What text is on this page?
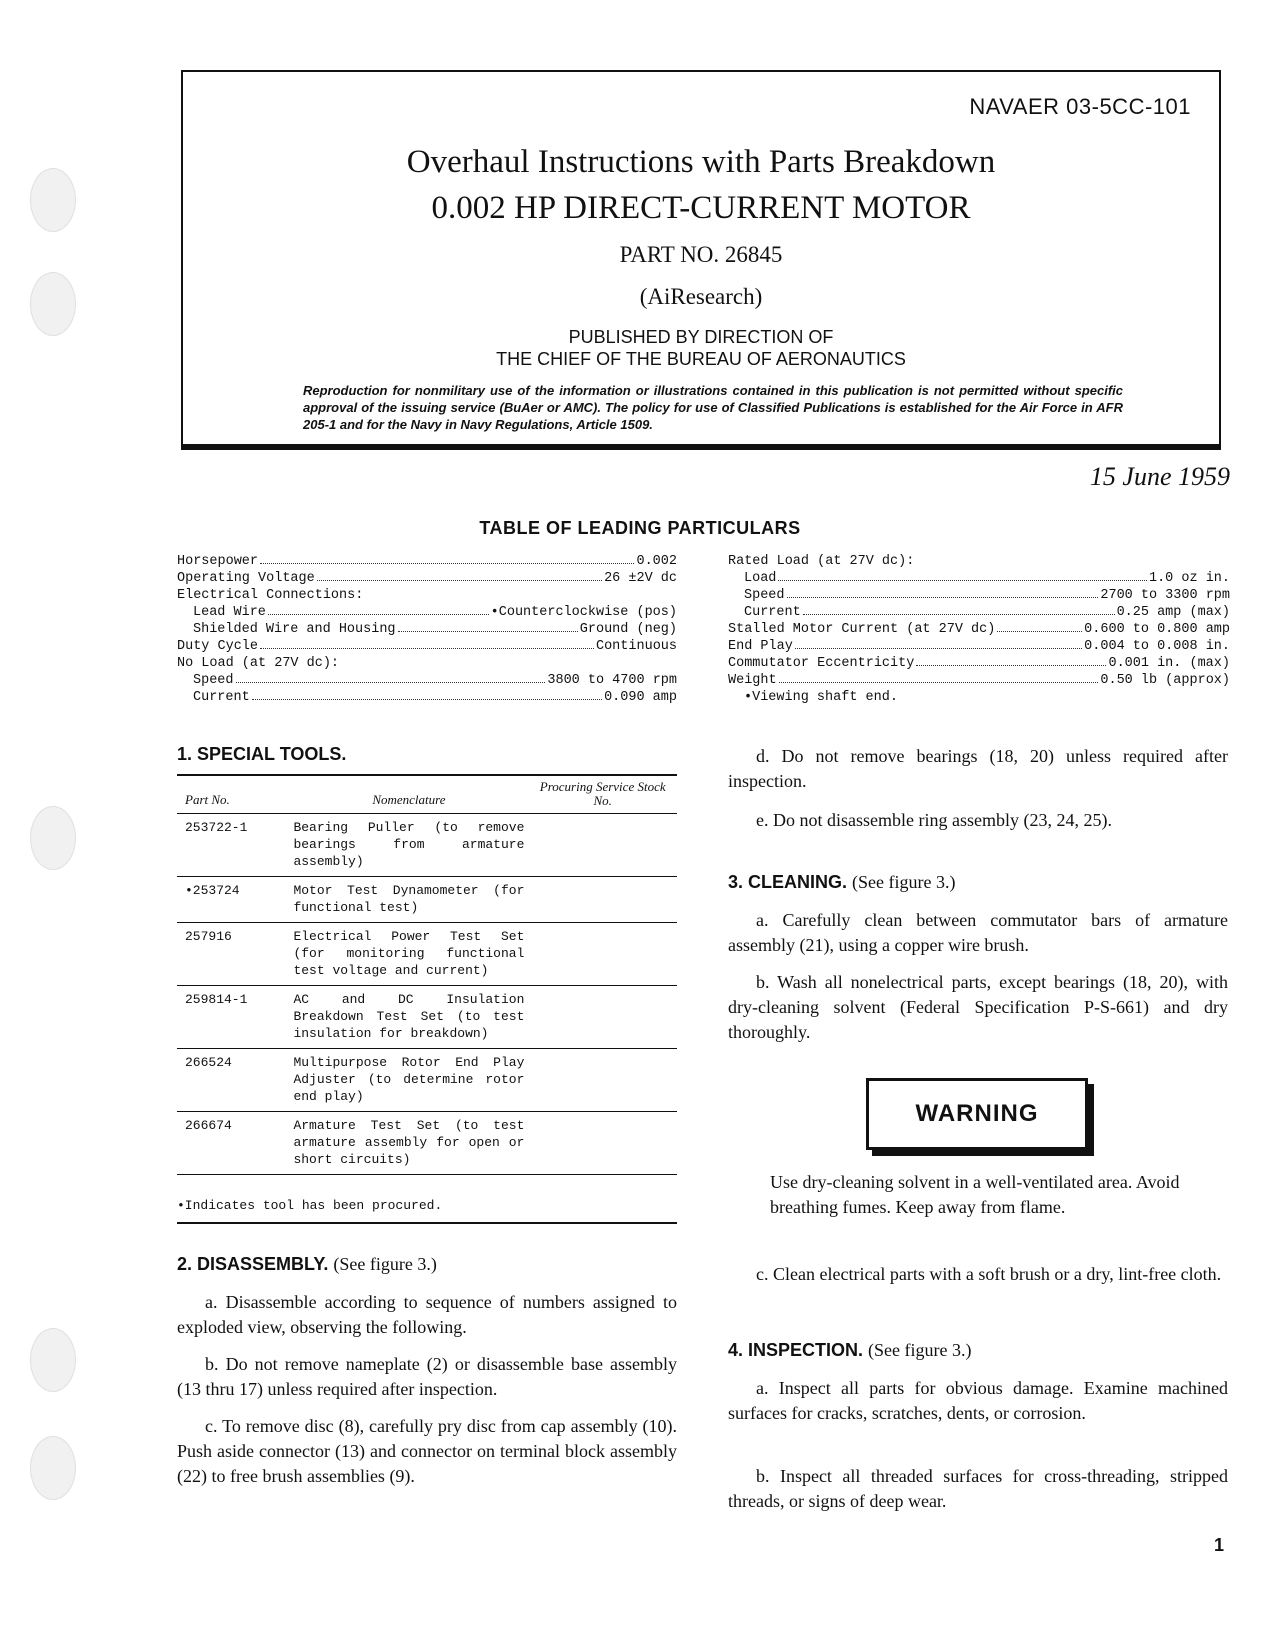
NAVAER 03-5CC-101
Overhaul Instructions with Parts Breakdown
0.002 HP DIRECT-CURRENT MOTOR
PART NO. 26845
(AiResearch)
PUBLISHED BY DIRECTION OF
THE CHIEF OF THE BUREAU OF AERONAUTICS
Reproduction for nonmilitary use of the information or illustrations contained in this publication is not permitted without specific approval of the issuing service (BuAer or AMC). The policy for use of Classified Publications is established for the Air Force in AFR 205-1 and for the Navy in Navy Regulations, Article 1509.
15 June 1959
TABLE OF LEADING PARTICULARS
Horsepower	0.002
Operating Voltage	26 ±2V dc
Electrical Connections:
Lead Wire	•Counterclockwise (pos)
Shielded Wire and Housing	Ground (neg)
Duty Cycle	Continuous
No Load (at 27V dc):
Speed	3800 to 4700 rpm
Current	0.090 amp
Rated Load (at 27V dc):
Load	1.0 oz in.
Speed	2700 to 3300 rpm
Current	0.25 amp (max)
Stalled Motor Current (at 27V dc)	0.600 to 0.800 amp
End Play	0.004 to 0.008 in.
Commutator Eccentricity	0.001 in. (max)
Weight	0.50 lb (approx)
•Viewing shaft end.
1. SPECIAL TOOLS.
Part No.	Nomenclature	Procuring Service Stock No.
253722-1	Bearing Puller (to remove bearings from armature assembly)	
•253724	Motor Test Dynamometer (for functional test)	
257916	Electrical Power Test Set (for monitoring functional test voltage and current)	
259814-1	AC and DC Insulation Breakdown Test Set (to test insulation for breakdown)	
266524	Multipurpose Rotor End Play Adjuster (to determine rotor end play)	
266674	Armature Test Set (to test armature assembly for open or short circuits)	
•Indicates tool has been procured.
2. DISASSEMBLY. (See figure 3.)
a. Disassemble according to sequence of numbers assigned to exploded view, observing the following.
b. Do not remove nameplate (2) or disassemble base assembly (13 thru 17) unless required after inspection.
c. To remove disc (8), carefully pry disc from cap assembly (10). Push aside connector (13) and connector on terminal block assembly (22) to free brush assemblies (9).
d. Do not remove bearings (18, 20) unless required after inspection.
e. Do not disassemble ring assembly (23, 24, 25).
3. CLEANING. (See figure 3.)
a. Carefully clean between commutator bars of armature assembly (21), using a copper wire brush.
b. Wash all nonelectrical parts, except bearings (18, 20), with dry-cleaning solvent (Federal Specification P-S-661) and dry thoroughly.
WARNING
Use dry-cleaning solvent in a well-ventilated area. Avoid breathing fumes. Keep away from flame.
c. Clean electrical parts with a soft brush or a dry, lint-free cloth.
4. INSPECTION. (See figure 3.)
a. Inspect all parts for obvious damage. Examine machined surfaces for cracks, scratches, dents, or corrosion.
b. Inspect all threaded surfaces for cross-threading, stripped threads, or signs of deep wear.
1
